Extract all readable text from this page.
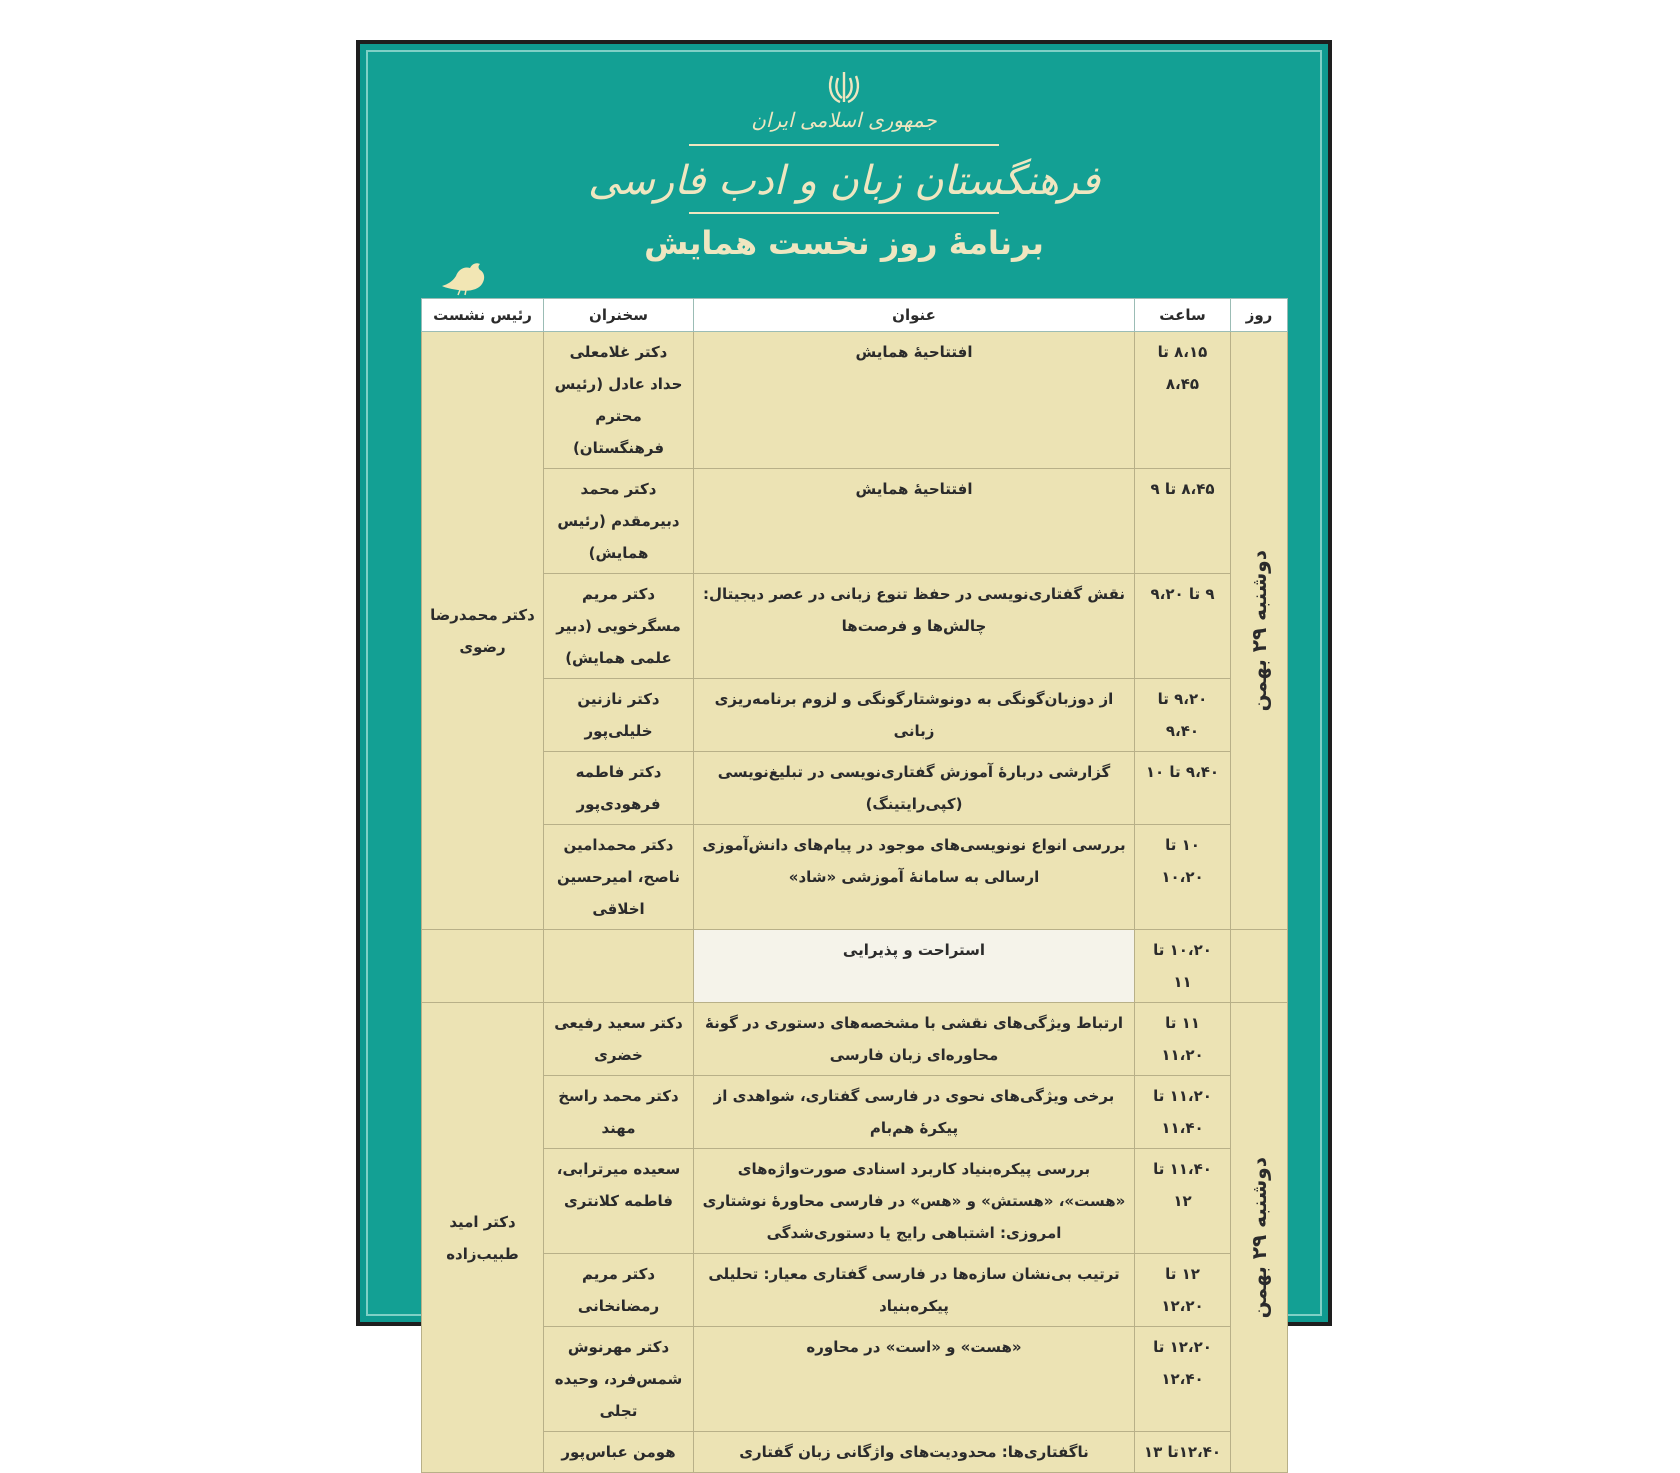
جمهوری اسلامی ایران
فرهنگستان زبان و ادب فارسی
برنامهٔ روز نخست همایش
روز	ساعت	عنوان	سخنران	رئیس نشست

دوشنبه ۲۹ بهمن	۸،۱۵ تا ۸،۴۵	افتتاحیهٔ همایش	دکتر غلامعلی حداد عادل (رئیس محترم فرهنگستان)	دکتر محمدرضا رضوی
	۸،۴۵ تا ۹	افتتاحیهٔ همایش	دکتر محمد دبیرمقدم (رئیس همایش)	
	۹ تا ۹،۲۰	نقش گفتاری‌نویسی در حفظ تنوع زبانی در عصر دیجیتال: چالش‌ها و فرصت‌ها	دکتر مریم مسگرخویی (دبیر علمی همایش)	
	۹،۲۰ تا ۹،۴۰	از دوزبان‌گونگی به دونوشتارگونگی و لزوم برنامه‌ریزی زبانی	دکتر نازنین خلیلی‌پور	
	۹،۴۰ تا ۱۰	گزارشی دربارهٔ آموزش گفتاری‌نویسی در تبلیغ‌نویسی (کپی‌رایتینگ)	دکتر فاطمه فرهودی‌پور	
	۱۰ تا ۱۰،۲۰	بررسی انواع نونویسی‌های موجود در پیام‌های دانش‌آموزی ارسالی به سامانهٔ آموزشی «شاد»	دکتر محمدامین ناصح، امیرحسین اخلاقی	
	۱۰،۲۰ تا ۱۱	استراحت و پذیرایی		

دوشنبه ۲۹ بهمن	۱۱ تا ۱۱،۲۰	ارتباط ویژگی‌های نقشی با مشخصه‌های دستوری در گونهٔ محاوره‌ای زبان فارسی	دکتر سعید رفیعی خضری	دکتر امید طبیب‌زاده
	۱۱،۲۰ تا ۱۱،۴۰	برخی ویژگی‌های نحوی در فارسی گفتاری، شواهدی از پیکرهٔ هم‌بام	دکتر محمد راسخ مهند	
	۱۱،۴۰ تا ۱۲	بررسی پیکره‌بنیاد کاربرد اسنادی صورت‌واژه‌های «هست»، «هستش» و «هس» در فارسی محاورهٔ نوشتاری امروزی: اشتباهی رایج یا دستوری‌شدگی	سعیده میرترابی، فاطمه کلانتری	
	۱۲ تا ۱۲،۲۰	ترتیب بی‌نشان سازه‌ها در فارسی گفتاری معیار: تحلیلی پیکره‌بنیاد	دکتر مریم رمضانخانی	
	۱۲،۲۰ تا ۱۲،۴۰	«هست» و «است» در محاوره	دکتر مهرنوش شمس‌فرد، وحیده تجلی	
	۱۲،۴۰تا ۱۳	ناگفتاری‌ها: محدودیت‌های واژگانی زبان گفتاری	هومن عباس‌پور	
